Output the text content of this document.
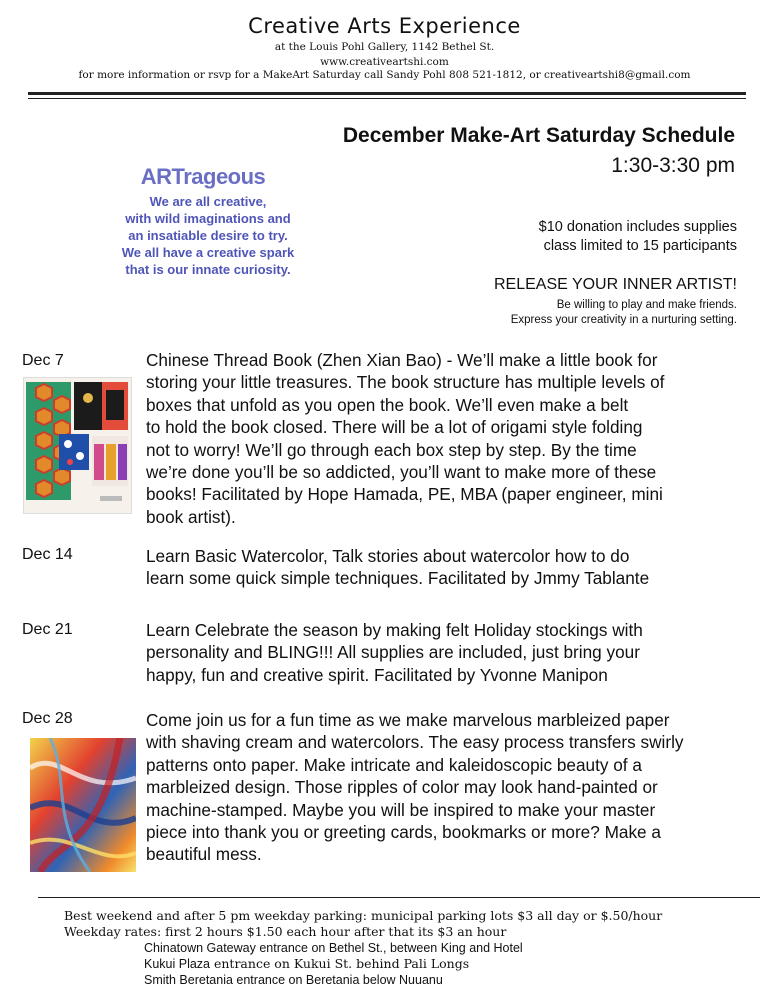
Creative Arts Experience
at the Louis Pohl Gallery, 1142 Bethel St.
www.creativeartshi.com
for more information or rsvp for a MakeArt Saturday call Sandy Pohl 808 521-1812, or creativeartshi8@gmail.com
December Make-Art Saturday Schedule
1:30-3:30 pm
ARTrageous
We are all creative,
with wild imaginations and
an insatiable desire to try.
We all have a creative spark
that is our innate curiosity.
$10 donation includes supplies
class limited to 15 participants
RELEASE YOUR INNER ARTIST!
Be willing to play and make friends.
Express your creativity in a nurturing setting.
Dec 7	Chinese Thread Book (Zhen Xian Bao) - We’ll make a little book for
storing your little treasures. The book structure has multiple levels of
boxes that unfold as you open the book. We’ll even make a belt
to hold the book closed. There will be a lot of origami style folding
not to worry! We’ll go through each box step by step. By the time
we’re done you’ll be so addicted, you’ll want to make more of these
books! Facilitated by Hope Hamada, PE, MBA (paper engineer, mini
book artist).
Dec 14	Learn Basic Watercolor, Talk stories about watercolor how to do
learn some quick simple techniques. Facilitated by Jmmy Tablante
Dec 21	Learn Celebrate the season by making felt Holiday stockings with
personality and BLING!!! All supplies are included, just bring your
happy, fun and creative spirit. Facilitated by Yvonne Manipon
Dec 28	Come join us for a fun time as we make marvelous marbleized paper
with shaving cream and watercolors. The easy process transfers swirly
patterns onto paper. Make intricate and kaleidoscopic beauty of a
marbleized design. Those ripples of color may look hand-painted or
machine-stamped. Maybe you will be inspired to make your master
piece into thank you or greeting cards, bookmarks or more? Make a
beautiful mess.
Best weekend and after 5 pm weekday parking: municipal parking lots $3 all day or $.50/hour
Weekday rates: first 2 hours $1.50 each hour after that its $3 an hour
Chinatown Gateway entrance on Bethel St., between King and Hotel
Kukui Plaza entrance on Kukui St. behind Pali Longs
Smith Beretania entrance on Beretania below Nuuanu
